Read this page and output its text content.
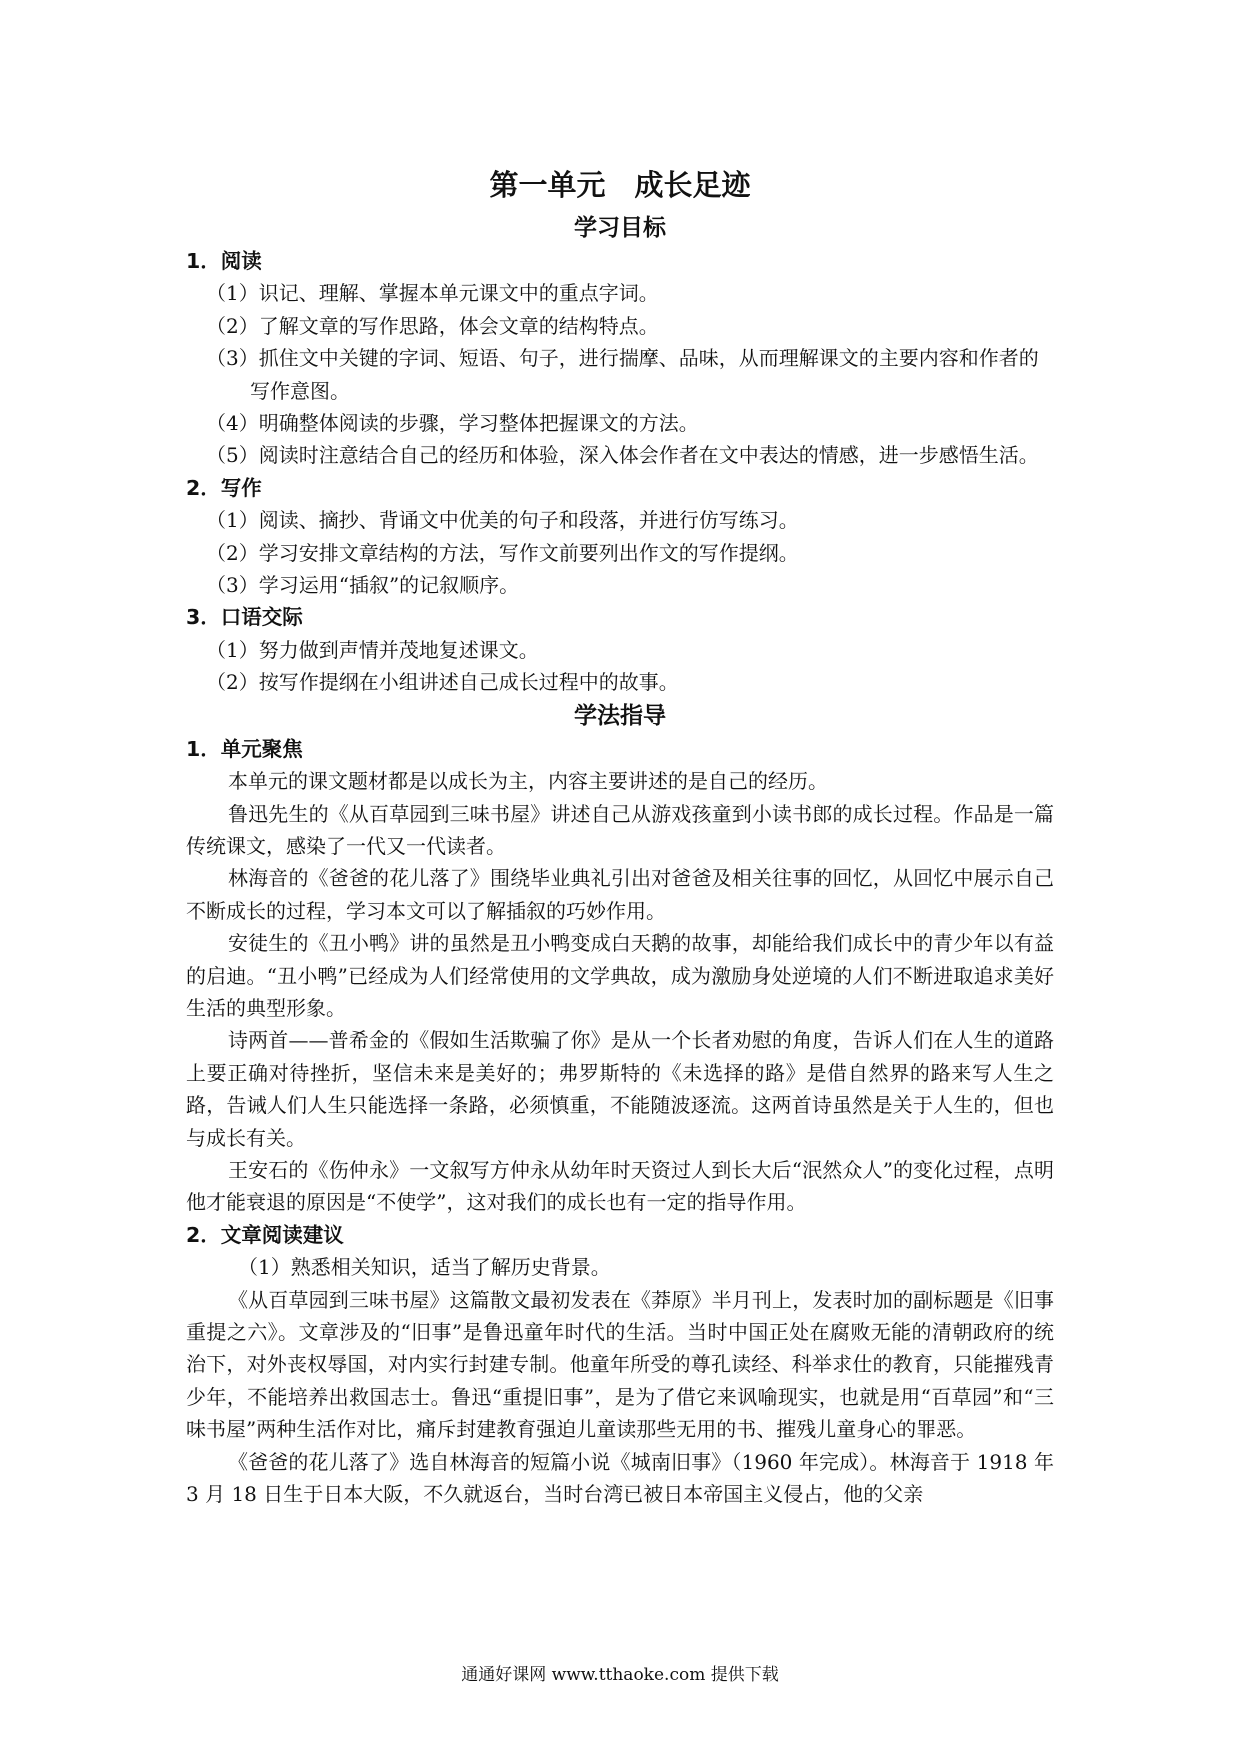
第一单元　成长足迹
学习目标

1．阅读

（1）识记、理解、掌握本单元课文中的重点字词。

（2）了解文章的写作思路，体会文章的结构特点。

（3）抓住文中关键的字词、短语、句子，进行揣摩、品味，从而理解课文的主要内容和作者的写作意图。

（4）明确整体阅读的步骤，学习整体把握课文的方法。

（5）阅读时注意结合自己的经历和体验，深入体会作者在文中表达的情感，进一步感悟生活。

2．写作

（1）阅读、摘抄、背诵文中优美的句子和段落，并进行仿写练习。

（2）学习安排文章结构的方法，写作文前要列出作文的写作提纲。

（3）学习运用“插叙”的记叙顺序。

3．口语交际

（1）努力做到声情并茂地复述课文。

（2）按写作提纲在小组讲述自己成长过程中的故事。

学法指导

1．单元聚焦

本单元的课文题材都是以成长为主，内容主要讲述的是自己的经历。

鲁迅先生的《从百草园到三味书屋》讲述自己从游戏孩童到小读书郎的成长过程。作品是一篇传统课文，感染了一代又一代读者。

林海音的《爸爸的花儿落了》围绕毕业典礼引出对爸爸及相关往事的回忆，从回忆中展示自己不断成长的过程，学习本文可以了解插叙的巧妙作用。

安徒生的《丑小鸭》讲的虽然是丑小鸭变成白天鹅的故事，却能给我们成长中的青少年以有益的启迪。“丑小鸭”已经成为人们经常使用的文学典故，成为激励身处逆境的人们不断进取追求美好生活的典型形象。

诗两首——普希金的《假如生活欺骗了你》是从一个长者劝慰的角度，告诉人们在人生的道路上要正确对待挫折，坚信未来是美好的；弗罗斯特的《未选择的路》是借自然界的路来写人生之路，告诫人们人生只能选择一条路，必须慎重，不能随波逐流。这两首诗虽然是关于人生的，但也与成长有关。

王安石的《伤仲永》一文叙写方仲永从幼年时天资过人到长大后“泯然众人”的变化过程，点明他才能衰退的原因是“不使学”，这对我们的成长也有一定的指导作用。

2．文章阅读建议

（1）熟悉相关知识，适当了解历史背景。

《从百草园到三味书屋》这篇散文最初发表在《莽原》半月刊上，发表时加的副标题是《旧事重提之六》。文章涉及的“旧事”是鲁迅童年时代的生活。当时中国正处在腐败无能的清朝政府的统治下，对外丧权辱国，对内实行封建专制。他童年所受的尊孔读经、科举求仕的教育，只能摧残青少年，不能培养出救国志士。鲁迅“重提旧事”，是为了借它来讽喻现实，也就是用“百草园”和“三味书屋”两种生活作对比，痛斥封建教育强迫儿童读那些无用的书、摧残儿童身心的罪恶。

《爸爸的花儿落了》选自林海音的短篇小说《城南旧事》（1960 年完成）。林海音于 1918 年 3 月 18 日生于日本大阪，不久就返台，当时台湾已被日本帝国主义侵占，他的父亲

通通好课网 www.tthaoke.com 提供下载
